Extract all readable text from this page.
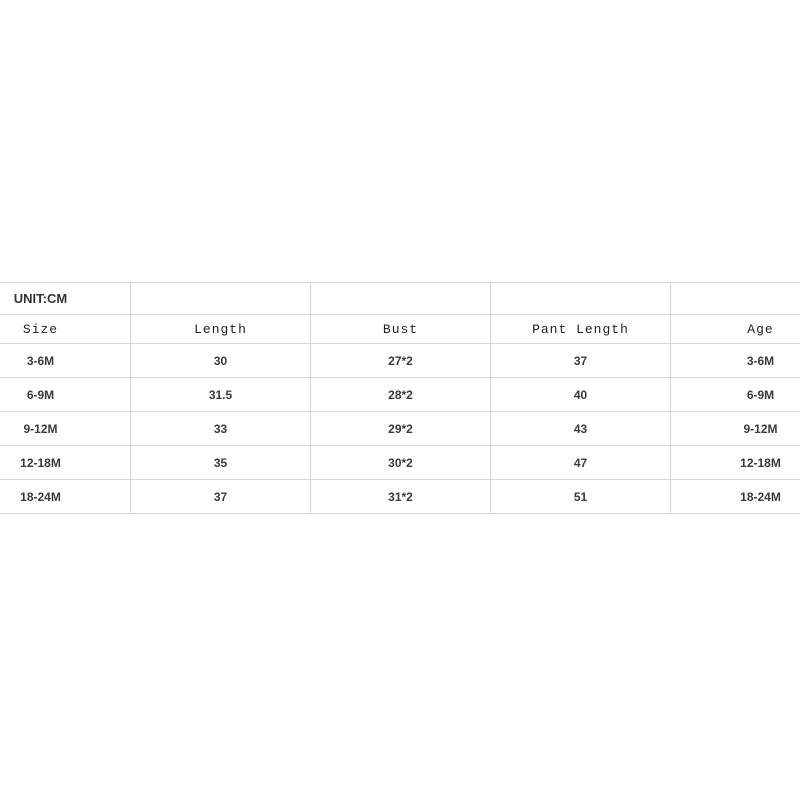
UNIT:CM				
Size	Length	Bust	Pant Length	Age
3-6M	30	27*2	37	3-6M
6-9M	31.5	28*2	40	6-9M
9-12M	33	29*2	43	9-12M
12-18M	35	30*2	47	12-18M
18-24M	37	31*2	51	18-24M
